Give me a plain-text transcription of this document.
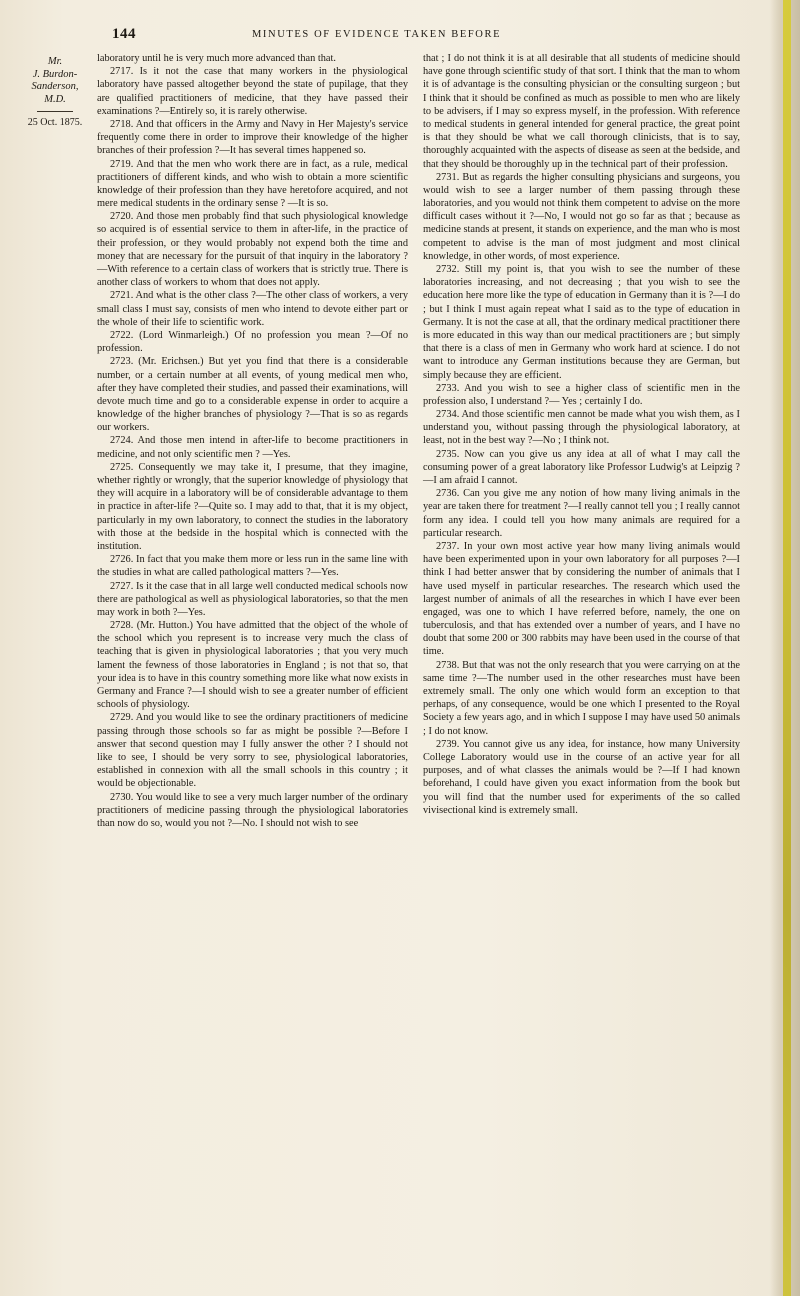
144	MINUTES OF EVIDENCE TAKEN BEFORE
Mr.
J. Burdon-
Sanderson,
M.D.
25 Oct. 1875.

laboratory until he is very much more advanced than that.

2717. Is it not the case that many workers in the physiological laboratory have passed altogether beyond the state of pupilage, that they are qualified practitioners of medicine, that they have passed their examinations ?—Entirely so, it is rarely otherwise.

2718. And that officers in the Army and Navy in Her Majesty's service frequently come there in order to improve their knowledge of the higher branches of their profession ?—It has several times happened so.

2719. And that the men who work there are in fact, as a rule, medical practitioners of different kinds, and who wish to obtain a more scientific knowledge of their profession than they have heretofore acquired, and not mere medical students in the ordinary sense ? —It is so.

2720. And those men probably find that such physiological knowledge so acquired is of essential service to them in after-life, in the practice of their profession, or they would probably not expend both the time and money that are necessary for the pursuit of that inquiry in the laboratory ?—With reference to a certain class of workers that is strictly true. There is another class of workers to whom that does not apply.

2721. And what is the other class ?—The other class of workers, a very small class I must say, consists of men who intend to devote either part or the whole of their life to scientific work.

2722. (Lord Winmarleigh.) Of no profession you mean ?—Of no profession.

2723. (Mr. Erichsen.) But yet you find that there is a considerable number, or a certain number at all events, of young medical men who, after they have completed their studies, and passed their examinations, will devote much time and go to a considerable expense in order to acquire a knowledge of the higher branches of physiology ?—That is so as regards our workers.

2724. And those men intend in after-life to become practitioners in medicine, and not only scientific men ? —Yes.

2725. Consequently we may take it, I presume, that they imagine, whether rightly or wrongly, that the superior knowledge of physiology that they will acquire in a laboratory will be of considerable advantage to them in practice in after-life ?—Quite so. I may add to that, that it is my object, particularly in my own laboratory, to connect the studies in the laboratory with those at the bedside in the hospital which is connected with the institution.

2726. In fact that you make them more or less run in the same line with the studies in what are called pathological matters ?—Yes.

2727. Is it the case that in all large well conducted medical schools now there are pathological as well as physiological laboratories, so that the men may work in both ?—Yes.

2728. (Mr. Hutton.) You have admitted that the object of the whole of the school which you represent is to increase very much the class of teaching that is given in physiological laboratories ; that you very much lament the fewness of those laboratories in England ; is not that so, that your idea is to have in this country something more like what now exists in Germany and France ?—I should wish to see a greater number of efficient schools of physiology.

2729. And you would like to see the ordinary practitioners of medicine passing through those schools so far as might be possible ?—Before I answer that second question may I fully answer the other ? I should not like to see, I should be very sorry to see, physiological laboratories, established in connexion with all the small schools in this country ; it would be objectionable.

2730. You would like to see a very much larger number of the ordinary practitioners of medicine passing through the physiological laboratories than now do so, would you not ?—No. I should not wish to see

that ; I do not think it is at all desirable that all students of medicine should have gone through scientific study of that sort. I think that the man to whom it is of advantage is the consulting physician or the consulting surgeon ; but I think that it should be confined as much as possible to men who are likely to be advisers, if I may so express myself, in the profession. With reference to medical students in general intended for general practice, the great point is that they should be what we call thorough clinicists, that is to say, thoroughly acquainted with the aspects of disease as seen at the bedside, and that they should be thoroughly up in the technical part of their profession.

2731. But as regards the higher consulting physicians and surgeons, you would wish to see a larger number of them passing through these laboratories, and you would not think them competent to advise on the more difficult cases without it ?—No, I would not go so far as that ; because as medicine stands at present, it stands on experience, and the man who is most competent to advise is the man of most judgment and most clinical knowledge, in other words, of most experience.

2732. Still my point is, that you wish to see the number of these laboratories increasing, and not decreasing ; that you wish to see the education here more like the type of education in Germany than it is ?—I do ; but I think I must again repeat what I said as to the type of education in Germany. It is not the case at all, that the ordinary medical practitioner there is more educated in this way than our medical practitioners are ; but simply that there is a class of men in Germany who work hard at science. I do not want to introduce any German institutions because they are German, but simply because they are efficient.

2733. And you wish to see a higher class of scientific men in the profession also, I understand ?— Yes ; certainly I do.

2734. And those scientific men cannot be made what you wish them, as I understand you, without passing through the physiological laboratory, at least, not in the best way ?—No ; I think not.

2735. Now can you give us any idea at all of what I may call the consuming power of a great laboratory like Professor Ludwig's at Leipzig ?—I am afraid I cannot.

2736. Can you give me any notion of how many living animals in the year are taken there for treatment ?—I really cannot tell you ; I really cannot form any idea. I could tell you how many animals are required for a particular research.

2737. In your own most active year how many living animals would have been experimented upon in your own laboratory for all purposes ?—I think I had better answer that by considering the number of animals that I have used myself in particular researches. The research which used the largest number of animals of all the researches in which I have ever been engaged, was one to which I have referred before, namely, the one on tuberculosis, and that has extended over a number of years, and I have no doubt that some 200 or 300 rabbits may have been used in the course of that time.

2738. But that was not the only research that you were carrying on at the same time ?—The number used in the other researches must have been extremely small. The only one which would form an exception to that perhaps, of any consequence, would be one which I presented to the Royal Society a few years ago, and in which I suppose I may have used 50 animals ; I do not know.

2739. You cannot give us any idea, for instance, how many University College Laboratory would use in the course of an active year for all purposes, and of what classes the animals would be ?—If I had known beforehand, I could have given you exact information from the book but you will find that the number used for experiments of the so called vivisectional kind is extremely small.
